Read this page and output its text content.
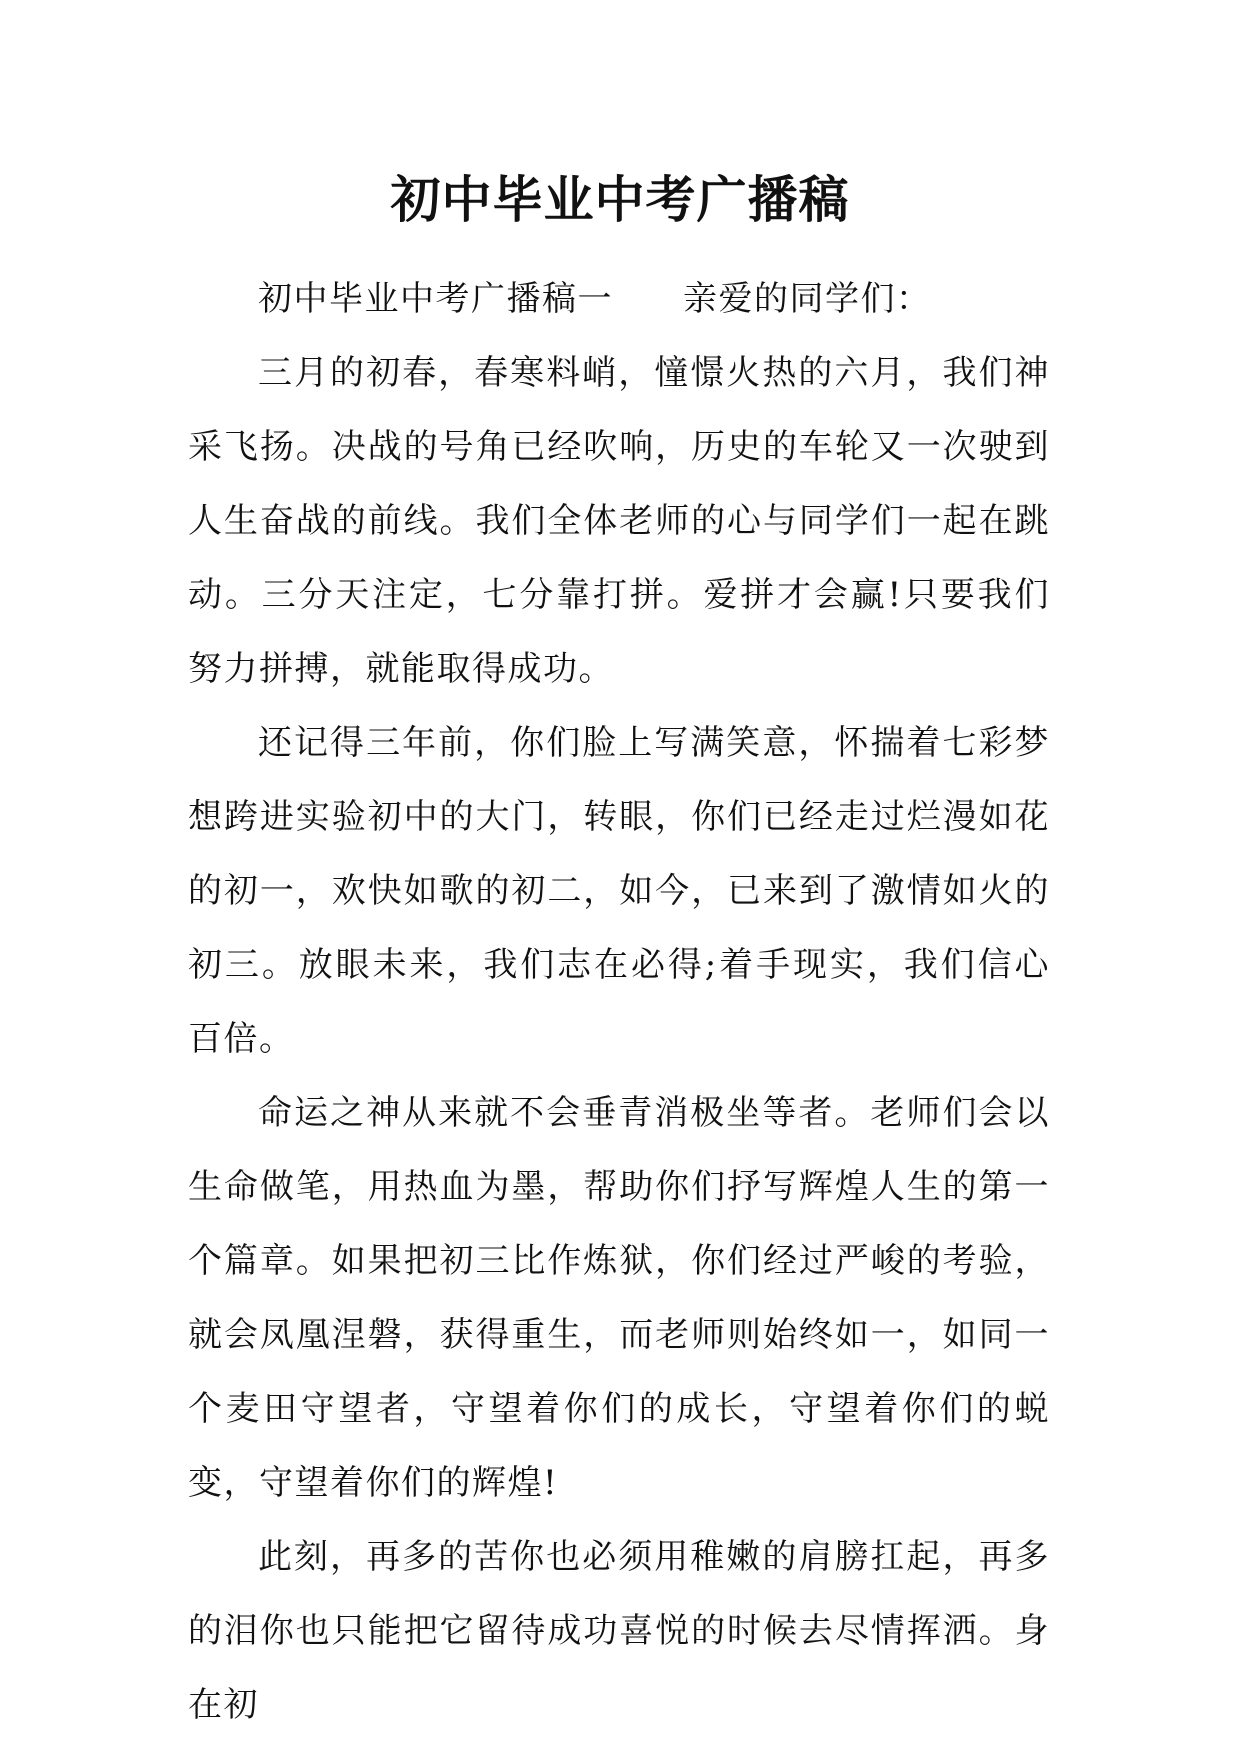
初中毕业中考广播稿

初中毕业中考广播稿一 亲爱的同学们：

三月的初春，春寒料峭，憧憬火热的六月，我们神采飞扬。决战的号角已经吹响，历史的车轮又一次驶到人生奋战的前线。我们全体老师的心与同学们一起在跳动。三分天注定，七分靠打拼。爱拼才会赢!只要我们努力拼搏，就能取得成功。

还记得三年前，你们脸上写满笑意，怀揣着七彩梦想跨进实验初中的大门，转眼，你们已经走过烂漫如花的初一，欢快如歌的初二，如今，已来到了激情如火的初三。放眼未来，我们志在必得;着手现实，我们信心百倍。

命运之神从来就不会垂青消极坐等者。老师们会以生命做笔，用热血为墨，帮助你们抒写辉煌人生的第一个篇章。如果把初三比作炼狱，你们经过严峻的考验，就会凤凰涅磐，获得重生，而老师则始终如一，如同一个麦田守望者，守望着你们的成长，守望着你们的蜕变，守望着你们的辉煌!

此刻，再多的苦你也必须用稚嫩的肩膀扛起，再多的泪你也只能把它留待成功喜悦的时候去尽情挥洒。身在初
